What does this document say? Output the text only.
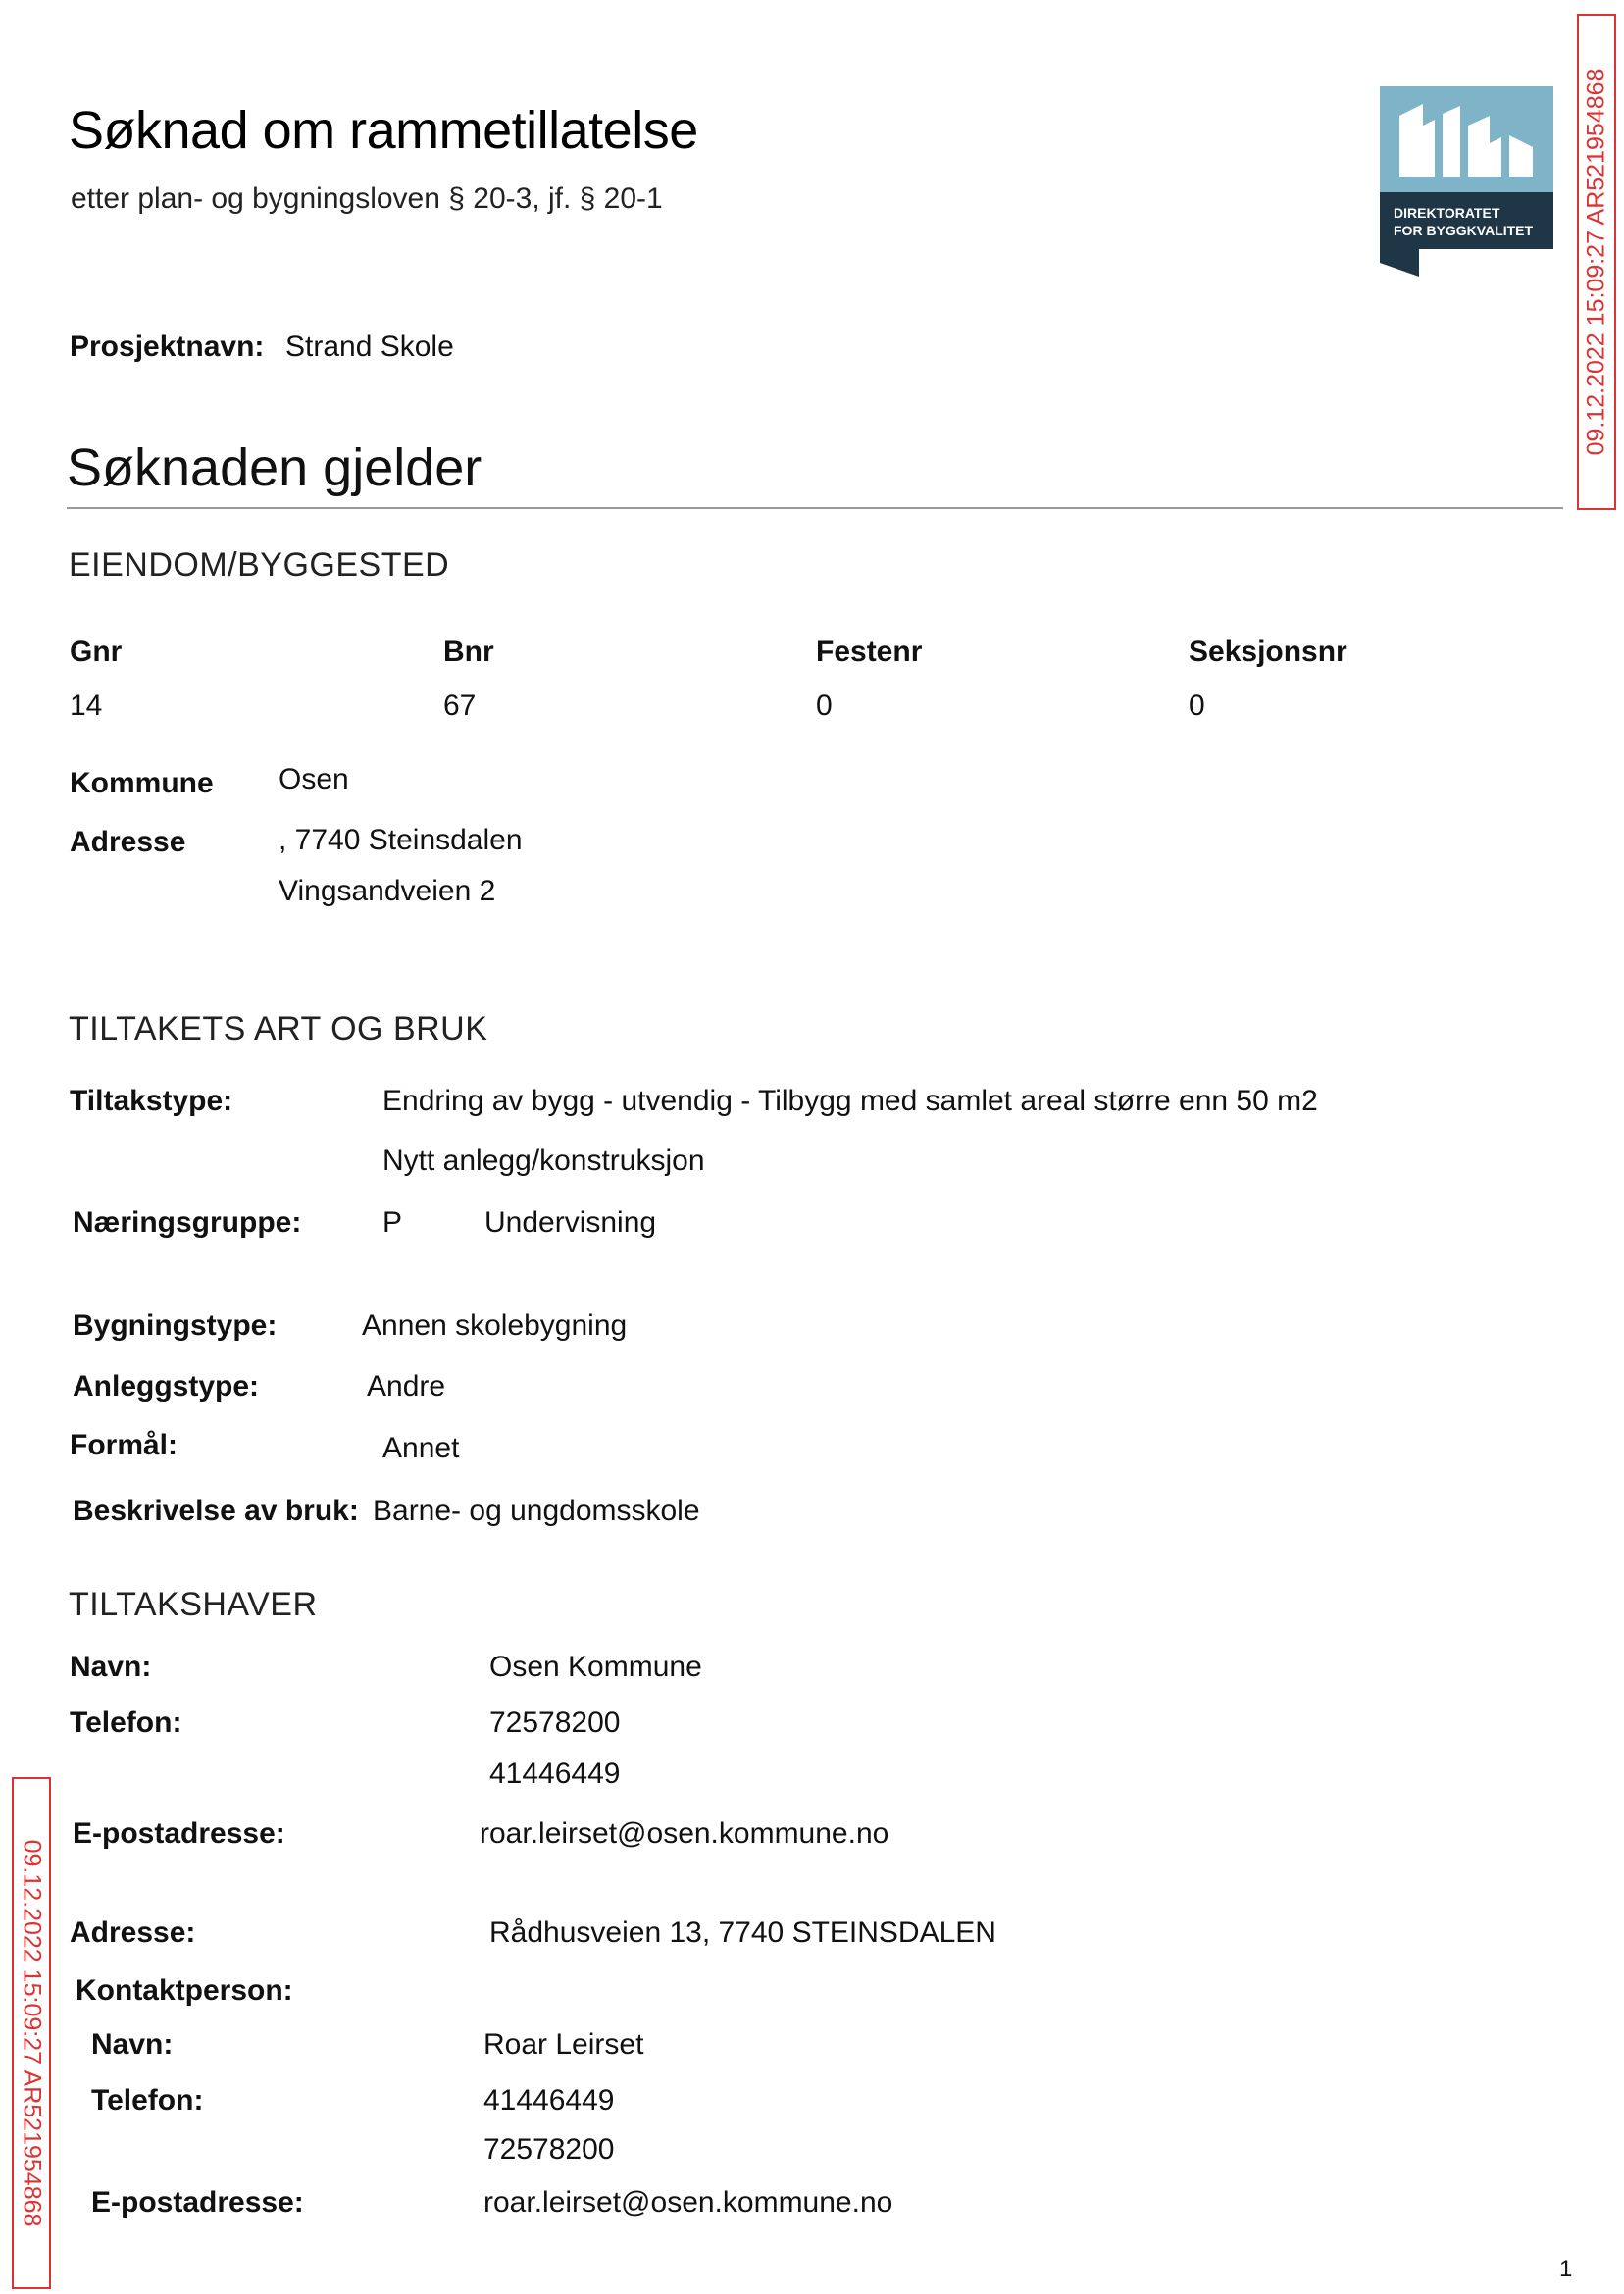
Søknad om rammetillatelse
etter plan- og bygningsloven § 20-3, jf. § 20-1	DIREKTORATET
FOR BYGGKVALITET
Prosjektnavn: Strand Skole
Søknaden gjelder
EIENDOM/BYGGESTED
Gnr	Bnr	Festenr	Seksjonsnr
14	67	0	0
Kommune Osen
Adresse	, 7740 Steinsdalen
Vingsandveien 2
TILTAKETS ART OG BRUK
Tiltakstype:	Endring av bygg - utvendig - Tilbygg med samlet areal større enn 50 m2
Nytt anlegg/konstruksjon
Næringsgruppe:	P	Undervisning
Bygningstype:	Annen skolebygning
Anleggstype:	Andre
Formål:	Annet
Beskrivelse av bruk: Barne- og ungdomsskole
TILTAKSHAVER
Navn:	Osen Kommune
Telefon:	72578200
41446449
E-postadresse:	roar.leirset@osen.kommune.no
Adresse:	Rådhusveien 13, 7740 STEINSDALEN
Kontaktperson:
Navn:	Roar Leirset
Telefon:	41446449
72578200
E-postadresse:	roar.leirset@osen.kommune.no
09.12.2022 15:09:27 AR521954868
09.12.2022 15:09:27 AR521954868
1
